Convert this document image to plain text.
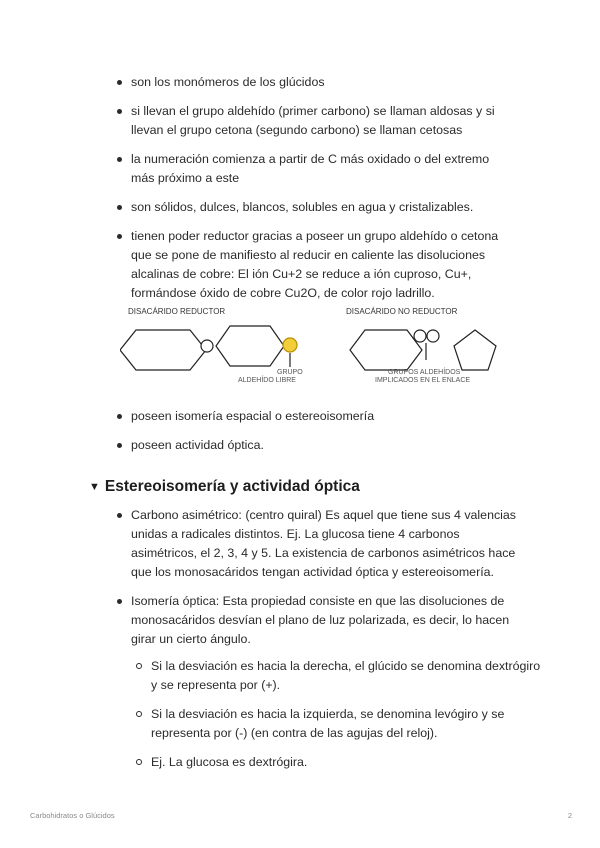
son los monómeros de los glúcidos
si llevan el grupo aldehído (primer carbono) se llaman aldosas y si llevan el grupo cetona (segundo carbono) se llaman cetosas
la numeración comienza a partir de C más oxidado o del extremo más próximo a este
son sólidos, dulces, blancos, solubles en agua y cristalizables.
tienen poder reductor gracias a poseer un grupo aldehído o cetona que se pone de manifiesto al reducir en caliente las disoluciones alcalinas de cobre: El ión Cu+2 se reduce a ión cuproso, Cu+, formándose óxido de cobre Cu2O, de color rojo ladrillo.
DISACÁRIDO REDUCTOR
GRUPO
ALDEHÍDO LIBRE
DISACÁRIDO NO REDUCTOR
GRUPOS ALDEHÍDOS
IMPLICADOS EN EL ENLACE
poseen isomería espacial o estereoisomería
poseen actividad óptica.
▼ Estereoisomería y actividad óptica
Carbono asimétrico: (centro quiral) Es aquel que tiene sus 4 valencias unidas a radicales distintos. Ej. La glucosa tiene 4 carbonos asimétricos, el 2, 3, 4 y 5. La existencia de carbonos asimétricos hace que los monosacáridos tengan actividad óptica y estereoisomería.
Isomería óptica: Esta propiedad consiste en que las disoluciones de monosacáridos desvían el plano de luz polarizada, es decir, lo hacen girar un cierto ángulo.
Si la desviación es hacia la derecha, el glúcido se denomina dextrógiro y se representa por (+).
Si la desviación es hacia la izquierda, se denomina levógiro y se representa por (-) (en contra de las agujas del reloj).
Ej. La glucosa es dextrógira.
Carbohidratos o Glúcidos	2
